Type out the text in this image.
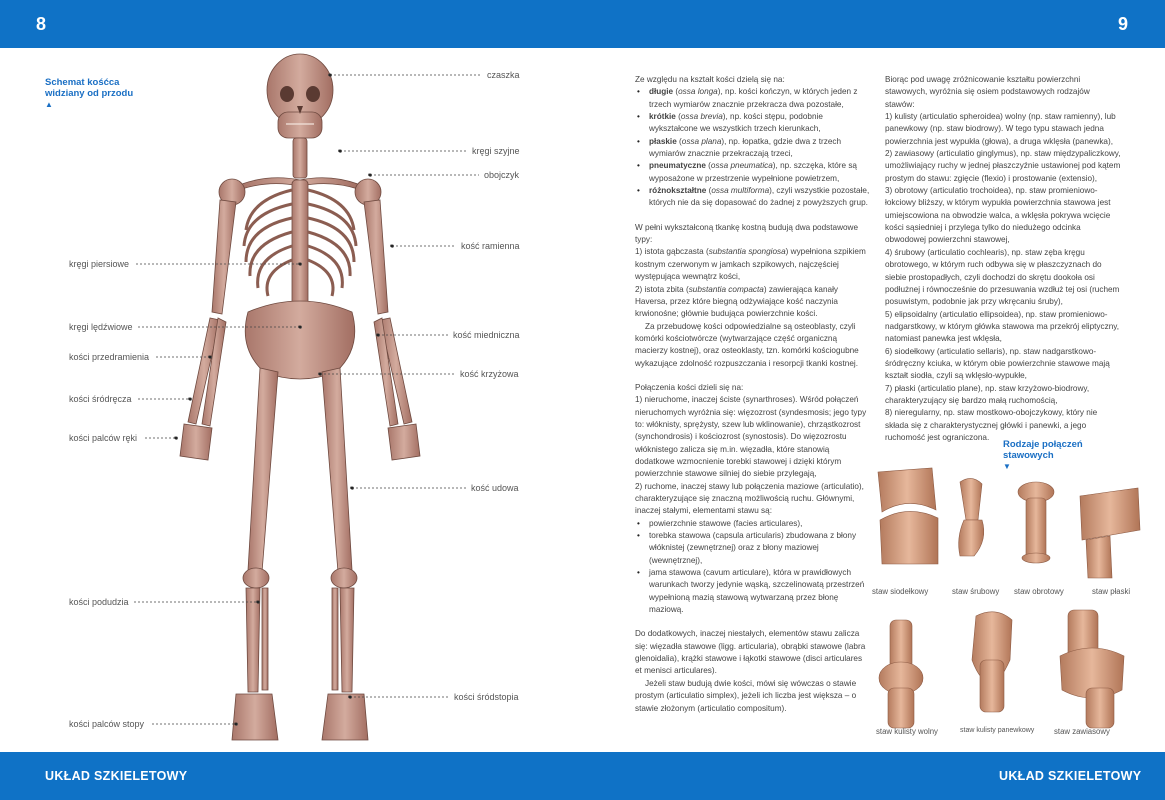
8	9
UKŁAD SZKIELETOWY	UKŁAD SZKIELETOWY
Schemat kośćca
widziany od przodu
▲
czaszka
kręgi szyjne
obojczyk
kość ramienna
kość miedniczna
kość krzyżowa
kość udowa
kości śródstopia
kręgi piersiowe
kręgi lędźwiowe
kości przedramienia
kości śródręcza
kości palców ręki
kości podudzia
kości palców stopy

Ze względu na kształt kości dzielą się na:

• długie (ossa longa), np. kości kończyn, w których jeden z trzech wymiarów znacznie przekracza dwa pozostałe,
• krótkie (ossa brevia), np. kości stępu, podobnie wykształcone we wszystkich trzech kierunkach,
• płaskie (ossa plana), np. łopatka, gdzie dwa z trzech wymiarów znacznie przekraczają trzeci,
• pneumatyczne (ossa pneumatica), np. szczęka, które są wyposażone w przestrzenie wypełnione powietrzem,
• różnokształtne (ossa multiforma), czyli wszystkie pozostałe, których nie da się dopasować do żadnej z powyższych grup.

W pełni wykształconą tkankę kostną budują dwa podstawowe typy:

1) istota gąbczasta (substantia spongiosa) wypełniona szpikiem kostnym czerwonym w jamkach szpikowych, najczęściej występująca wewnątrz kości,

2) istota zbita (substantia compacta) zawierająca kanały Haversa, przez które biegną odżywiające kość naczynia krwionośne; głównie budująca powierzchnie kości.

Za przebudowę kości odpowiedzialne są osteoblasty, czyli komórki kościotwórcze (wytwarzające część organiczną macierzy kostnej), oraz osteoklasty, tzn. komórki kościogubne wykazujące zdolność rozpuszczania i resorpcji tkanki kostnej.

Połączenia kości dzieli się na:

1) nieruchome, inaczej ściste (synarthroses). Wśród połączeń nieruchomych wyróżnia się: więzozrost (syndesmosis; jego typy to: włóknisty, sprężysty, szew lub wklinowanie), chrząstkozrost (synchondrosis) i kościozrost (synostosis). Do więzozrostu włóknistego zalicza się m.in. więzadła, które stanowią dodatkowe wzmocnienie torebki stawowej i dzięki którym powierzchnie stawowe silniej do siebie przylegają,

2) ruchome, inaczej stawy lub połączenia maziowe (articulatio), charakteryzujące się znaczną możliwością ruchu. Głównymi, inaczej stałymi, elementami stawu są:

• powierzchnie stawowe (facies articulares),
• torebka stawowa (capsula articularis) zbudowana z błony włóknistej (zewnętrznej) oraz z błony maziowej (wewnętrznej),
• jama stawowa (cavum articulare), która w prawidłowych warunkach tworzy jedynie wąską, szczelinowatą przestrzeń wypełnioną mazią stawową wytwarzaną przez błonę maziową.

Do dodatkowych, inaczej niestałych, elementów stawu zalicza się: więzadła stawowe (ligg. articularia), obrąbki stawowe (labra glenoidalia), krążki stawowe i łąkotki stawowe (disci articulares et menisci articulares).

Jeżeli staw budują dwie kości, mówi się wówczas o stawie prostym (articulatio simplex), jeżeli ich liczba jest większa – o stawie złożonym (articulatio compositum).

Biorąc pod uwagę zróżnicowanie kształtu powierzchni stawowych, wyróżnia się osiem podstawowych rodzajów stawów:

1) kulisty (articulatio spheroidea) wolny (np. staw ramienny), lub panewkowy (np. staw biodrowy). W tego typu stawach jedna powierzchnia jest wypukła (głowa), a druga wklęsła (panewka),

2) zawiasowy (articulatio ginglymus), np. staw międzypaliczkowy, umożliwiający ruchy w jednej płaszczyźnie ustawionej pod kątem prostym do stawu: zgięcie (flexio) i prostowanie (extensio),

3) obrotowy (articulatio trochoidea), np. staw promieniowo-łokciowy bliższy, w którym wypukła powierzchnia stawowa jest umiejscowiona na obwodzie walca, a wklęsła pokrywa wcięcie kości sąsiedniej i przylega tylko do niedużego odcinka obwodowej powierzchni stawowej,

4) śrubowy (articulatio cochlearis), np. staw zęba kręgu obrotowego, w którym ruch odbywa się w płaszczyznach do siebie prostopadłych, czyli dochodzi do skrętu dookoła osi podłużnej i równocześnie do przesuwania wzdłuż tej osi (ruchem posuwistym, podobnie jak przy wkręcaniu śruby),

5) elipsoidalny (articulatio ellipsoidea), np. staw promieniowo-nadgarstkowy, w którym główka stawowa ma przekrój eliptyczny, natomiast panewka jest wklęsła,

6) siodełkowy (articulatio sellaris), np. staw nadgarstkowo-śródręczny kciuka, w którym obie powierzchnie stawowe mają kształt siodła, czyli są wklęsło-wypukłe,

7) płaski (articulatio plane), np. staw krzyżowo-biodrowy, charakteryzujący się bardzo małą ruchomością,

8) nieregularny, np. staw mostkowo-obojczykowy, który nie składa się z charakterystycznej główki i panewki, a jego ruchomość jest ograniczona.

Rodzaje połączeń stawowych
▼
staw siodełkowy	staw śrubowy staw obrotowy	staw płaski
staw kulisty wolny	staw kulisty panewkowy	staw zawiasowy
